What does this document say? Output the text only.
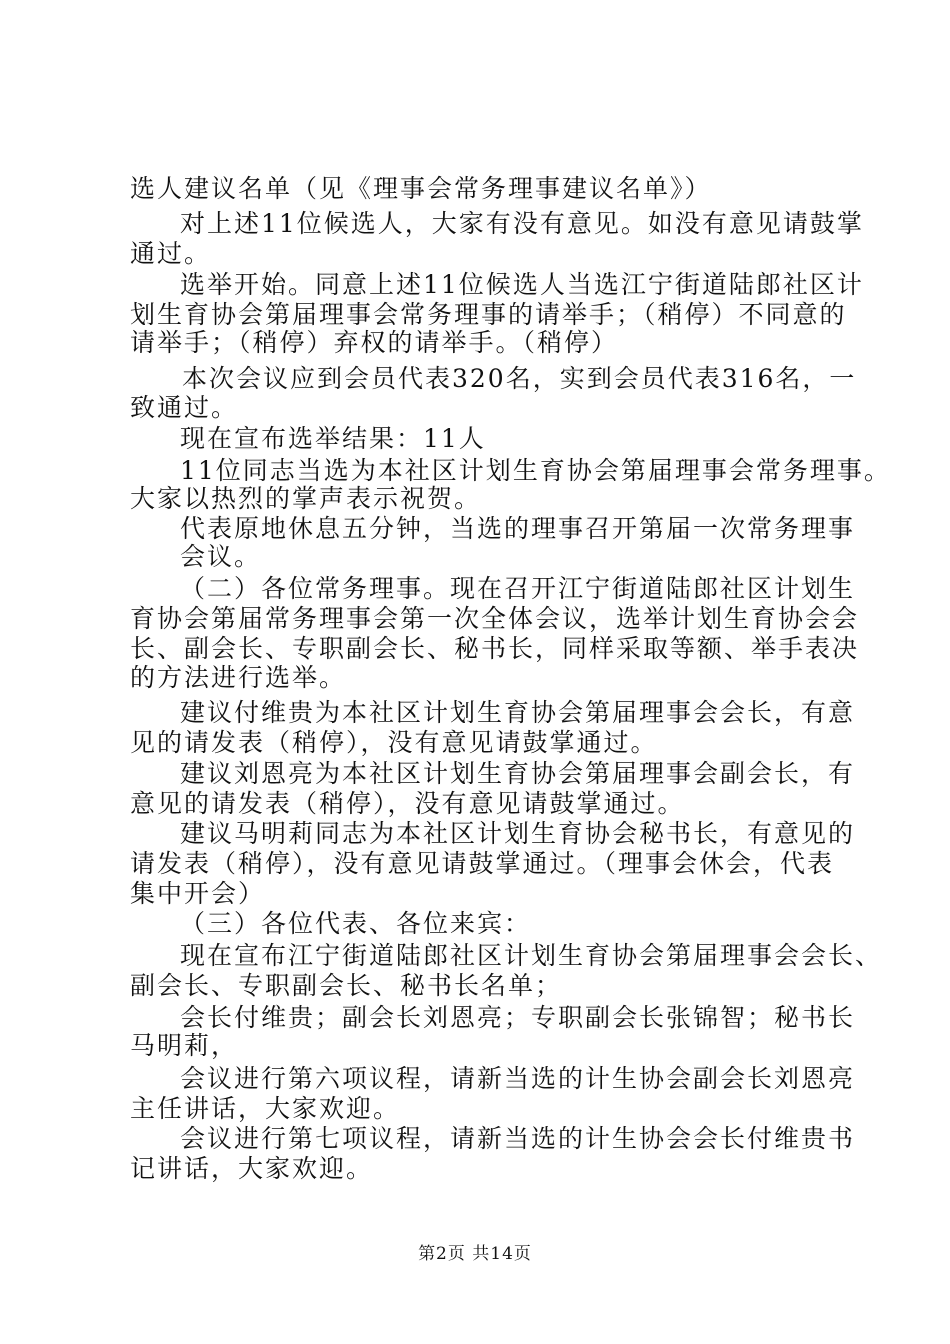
选人建议名单（见《理事会常务理事建议名单》）
对上述11位候选人，大家有没有意见。如没有意见请鼓掌
通过。
选举开始。同意上述11位候选人当选江宁街道陆郎社区计
划生育协会第届理事会常务理事的请举手；（稍停）不同意的
请举手；（稍停）弃权的请举手。（稍停）
本次会议应到会员代表320名，实到会员代表316名，一
致通过。
现在宣布选举结果：11人
11位同志当选为本社区计划生育协会第届理事会常务理事。
大家以热烈的掌声表示祝贺。
代表原地休息五分钟，当选的理事召开第届一次常务理事
会议。
（二）各位常务理事。现在召开江宁街道陆郎社区计划生
育协会第届常务理事会第一次全体会议，选举计划生育协会会
长、副会长、专职副会长、秘书长，同样采取等额、举手表决
的方法进行选举。
建议付维贵为本社区计划生育协会第届理事会会长，有意
见的请发表（稍停），没有意见请鼓掌通过。
建议刘恩亮为本社区计划生育协会第届理事会副会长，有
意见的请发表（稍停），没有意见请鼓掌通过。
建议马明莉同志为本社区计划生育协会秘书长，有意见的
请发表（稍停），没有意见请鼓掌通过。（理事会休会，代表
集中开会）
（三）各位代表、各位来宾：
现在宣布江宁街道陆郎社区计划生育协会第届理事会会长、
副会长、专职副会长、秘书长名单；
会长付维贵；副会长刘恩亮；专职副会长张锦智；秘书长
马明莉，
会议进行第六项议程，请新当选的计生协会副会长刘恩亮
主任讲话，大家欢迎。
会议进行第七项议程，请新当选的计生协会会长付维贵书
记讲话，大家欢迎。
第2页 共14页
